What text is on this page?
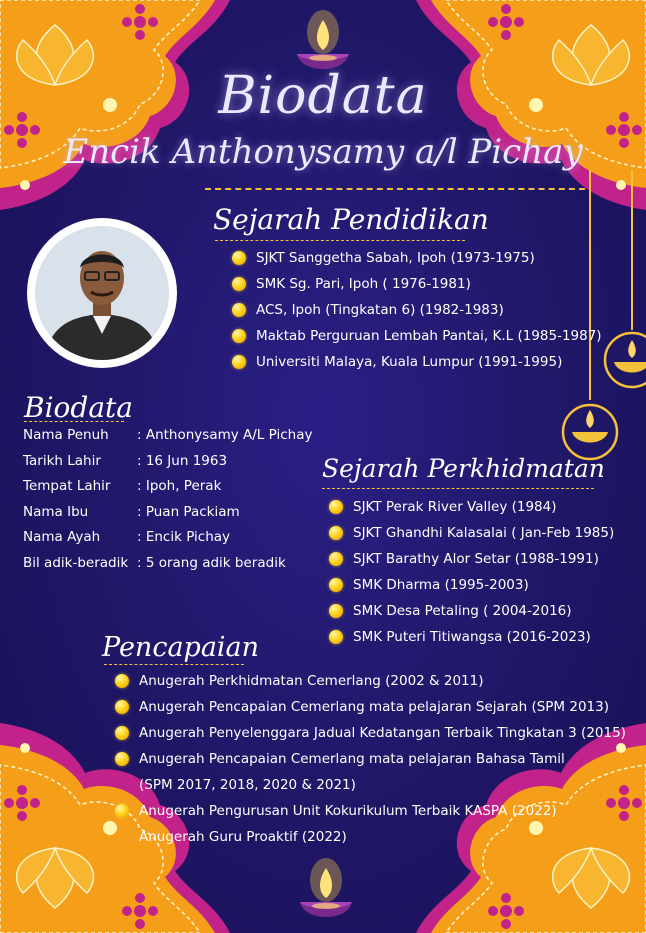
Biodata
Encik Anthonysamy a/l Pichay
Sejarah Pendidikan
SJKT Sanggetha Sabah, Ipoh (1973-1975)
SMK Sg. Pari, Ipoh ( 1976-1981)
ACS, Ipoh (Tingkatan 6) (1982-1983)
Maktab Perguruan Lembah Pantai, K.L (1985-1987)
Universiti Malaya, Kuala Lumpur (1991-1995)
Biodata
Nama Penuh	: Anthonysamy A/L Pichay
Tarikh Lahir	: 16 Jun 1963
Tempat Lahir	: Ipoh, Perak
Nama Ibu	: Puan Packiam
Nama Ayah	: Encik Pichay
Bil adik-beradik : 5 orang adik beradik
Sejarah Perkhidmatan
SJKT Perak River Valley (1984)
SJKT Ghandhi Kalasalai ( Jan-Feb 1985)
SJKT Barathy Alor Setar (1988-1991)
SMK Dharma (1995-2003)
SMK Desa Petaling ( 2004-2016)
SMK Puteri Titiwangsa (2016-2023)
Pencapaian
Anugerah Perkhidmatan Cemerlang (2002 & 2011)
Anugerah Pencapaian Cemerlang mata pelajaran Sejarah (SPM 2013)
Anugerah Penyelenggara Jadual Kedatangan Terbaik Tingkatan 3 (2015)
Anugerah Pencapaian Cemerlang mata pelajaran Bahasa Tamil
(SPM 2017, 2018, 2020 & 2021)
Anugerah Pengurusan Unit Kokurikulum Terbaik KASPA (2022)
Anugerah Guru Proaktif (2022)
